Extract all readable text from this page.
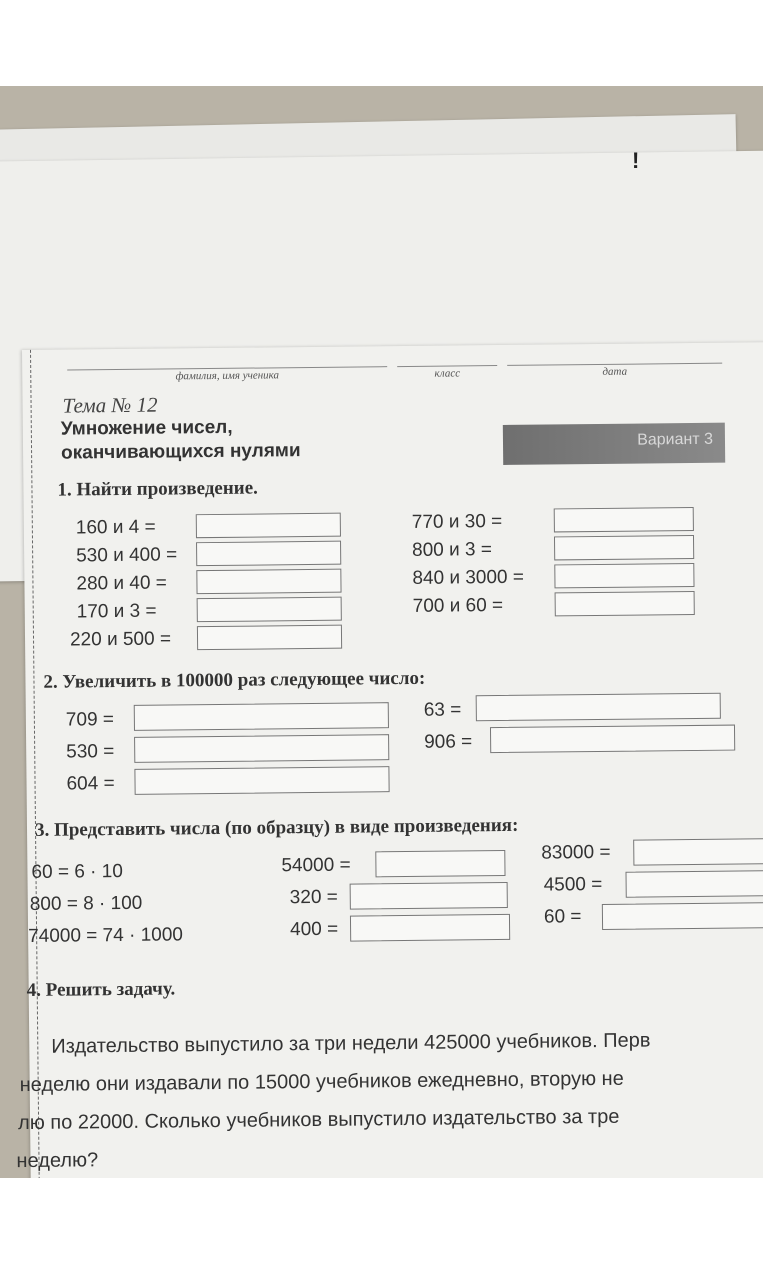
!
фамилия, имя ученика	класс	дата
Тема № 12
Умножение чисел,
оканчивающихся нулями
Вариант 3
1. Найти произведение.
160 и 4 =
530 и 400 =
280 и 40 =
170 и 3 =
220 и 500 =
770 и 30 =
800 и 3 =
840 и 3000 =
700 и 60 =
2. Увеличить в 100000 раз следующее число:
709 =
530 =
604 =
63 =
906 =
3. Представить числа (по образцу) в виде произведения:
60 = 6 · 10
800 = 8 · 100
74000 = 74 · 1000
54000 =
320 =
400 =
83000 =
4500 =
60 =
4. Решить задачу.
Издательство выпустило за три недели 425000 учебников. Перв
неделю они издавали по 15000 учебников ежедневно, вторую не
лю по 22000. Сколько учебников выпустило издательство за тре
неделю?
